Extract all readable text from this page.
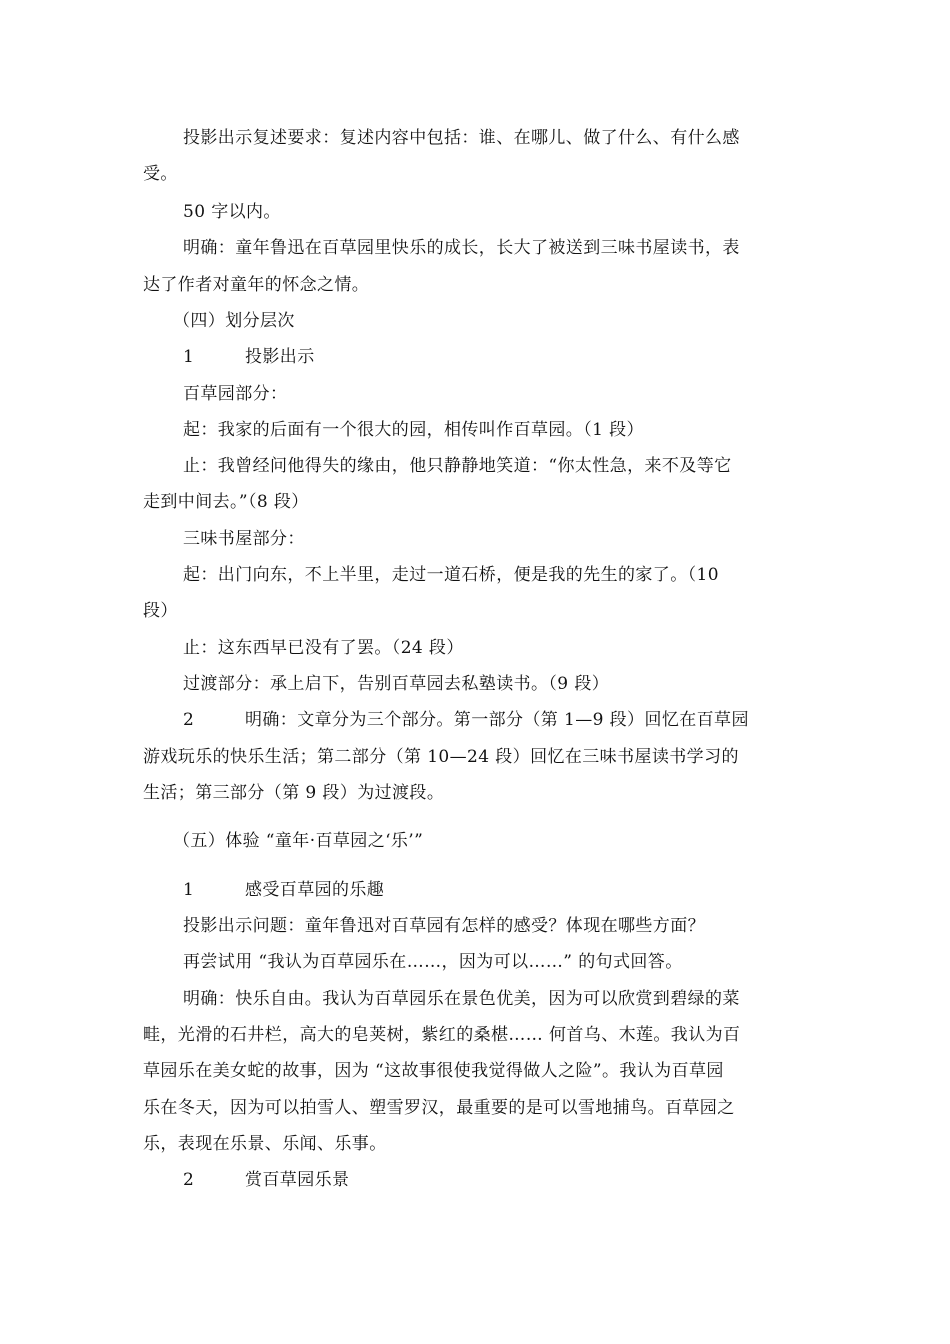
投影出示复述要求：复述内容中包括：谁、在哪儿、做了什么、有什么感
受。
50 字以内。
明确：童年鲁迅在百草园里快乐的成长，长大了被送到三味书屋读书，表
达了作者对童年的怀念之情。
（四）划分层次
1	投影出示
百草园部分：
起：我家的后面有一个很大的园，相传叫作百草园。（1 段）
止：我曾经问他得失的缘由，他只静静地笑道：“你太性急，来不及等它
走到中间去。”（8 段）
三味书屋部分：
起：出门向东，不上半里，走过一道石桥，便是我的先生的家了。（10
段）
止：这东西早已没有了罢。（24 段）
过渡部分：承上启下，告别百草园去私塾读书。（9 段）
2	明确：文章分为三个部分。第一部分（第 1—9 段）回忆在百草园
游戏玩乐的快乐生活；第二部分（第 10—24 段）回忆在三味书屋读书学习的
生活；第三部分（第 9 段）为过渡段。
（五）体验 “童年·百草园之‘乐’”
1	感受百草园的乐趣
投影出示问题：童年鲁迅对百草园有怎样的感受？体现在哪些方面？
再尝试用 “我认为百草园乐在……，因为可以……” 的句式回答。
明确：快乐自由。我认为百草园乐在景色优美，因为可以欣赏到碧绿的菜
畦，光滑的石井栏，高大的皂荚树，紫红的桑椹…… 何首乌、木莲。我认为百
草园乐在美女蛇的故事，因为 “这故事很使我觉得做人之险”。我认为百草园
乐在冬天，因为可以拍雪人、塑雪罗汉，最重要的是可以雪地捕鸟。百草园之
乐，表现在乐景、乐闻、乐事。
2	赏百草园乐景
